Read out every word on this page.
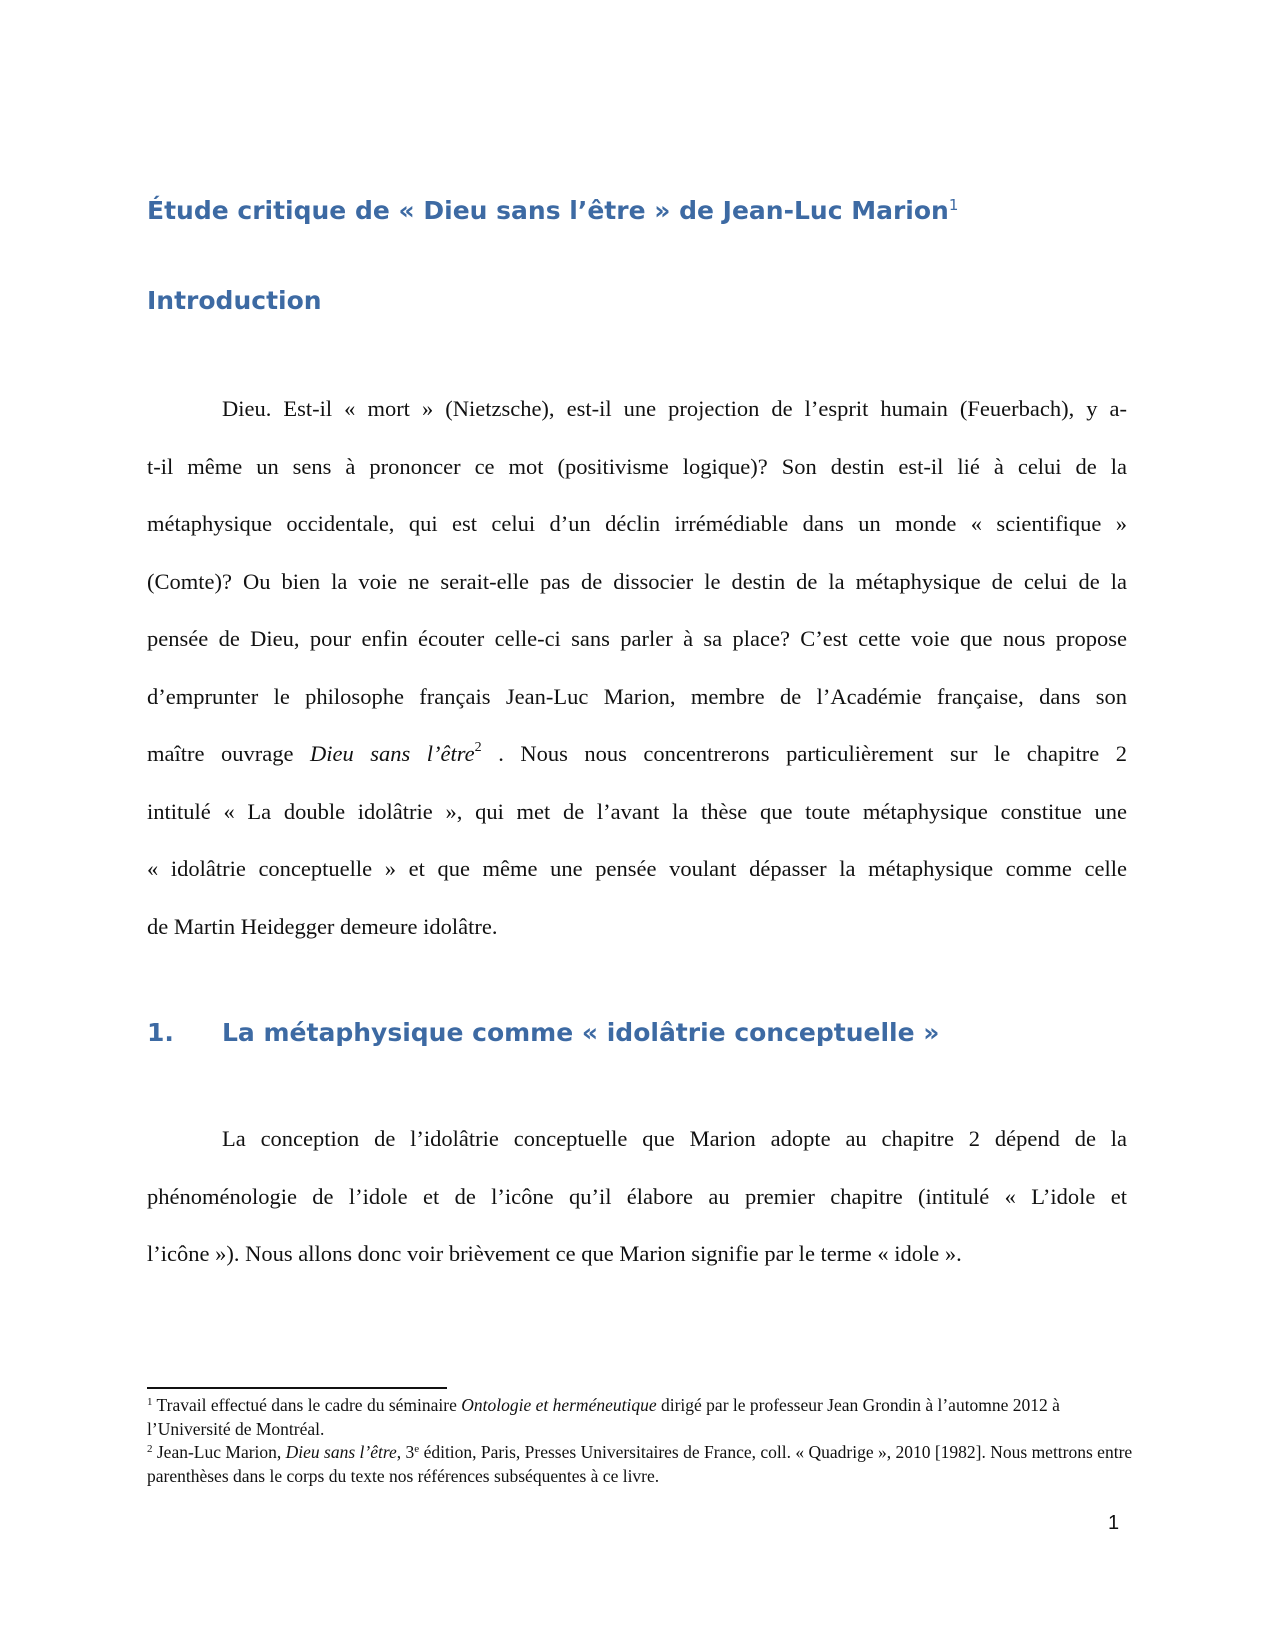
Étude critique de « Dieu sans l’être » de Jean-Luc Marion$^1$
Introduction
Dieu. Est-il « mort » (Nietzsche), est-il une projection de l’esprit humain (Feuerbach), y a-
t-il même un sens à prononcer ce mot (positivisme logique)? Son destin est-il lié à celui de la
métaphysique occidentale, qui est celui d’un déclin irrémédiable dans un monde « scientifique »
(Comte)? Ou bien la voie ne serait-elle pas de dissocier le destin de la métaphysique de celui de la
pensée de Dieu, pour enfin écouter celle-ci sans parler à sa place? C’est cette voie que nous propose
d’emprunter le philosophe français Jean-Luc Marion, membre de l’Académie française, dans son
maître ouvrage Dieu sans l’être$^2$ . Nous nous concentrerons particulièrement sur le chapitre 2
intitulé « La double idolâtrie », qui met de l’avant la thèse que toute métaphysique constitue une
« idolâtrie conceptuelle » et que même une pensée voulant dépasser la métaphysique comme celle
de Martin Heidegger demeure idolâtre.
1. La métaphysique comme « idolâtrie conceptuelle »
La conception de l’idolâtrie conceptuelle que Marion adopte au chapitre 2 dépend de la
phénoménologie de l’idole et de l’icône qu’il élabore au premier chapitre (intitulé « L’idole et
l’icône »). Nous allons donc voir brièvement ce que Marion signifie par le terme « idole ».
$^1$ Travail effectué dans le cadre du séminaire Ontologie et herméneutique dirigé par le professeur Jean Grondin à l’automne 2012 à l’Université de Montréal.
$^2$ Jean-Luc Marion, Dieu sans l’être, 3e édition, Paris, Presses Universitaires de France, coll. « Quadrige », 2010 [1982]. Nous mettrons entre parenthèses dans le corps du texte nos références subséquentes à ce livre.
1
